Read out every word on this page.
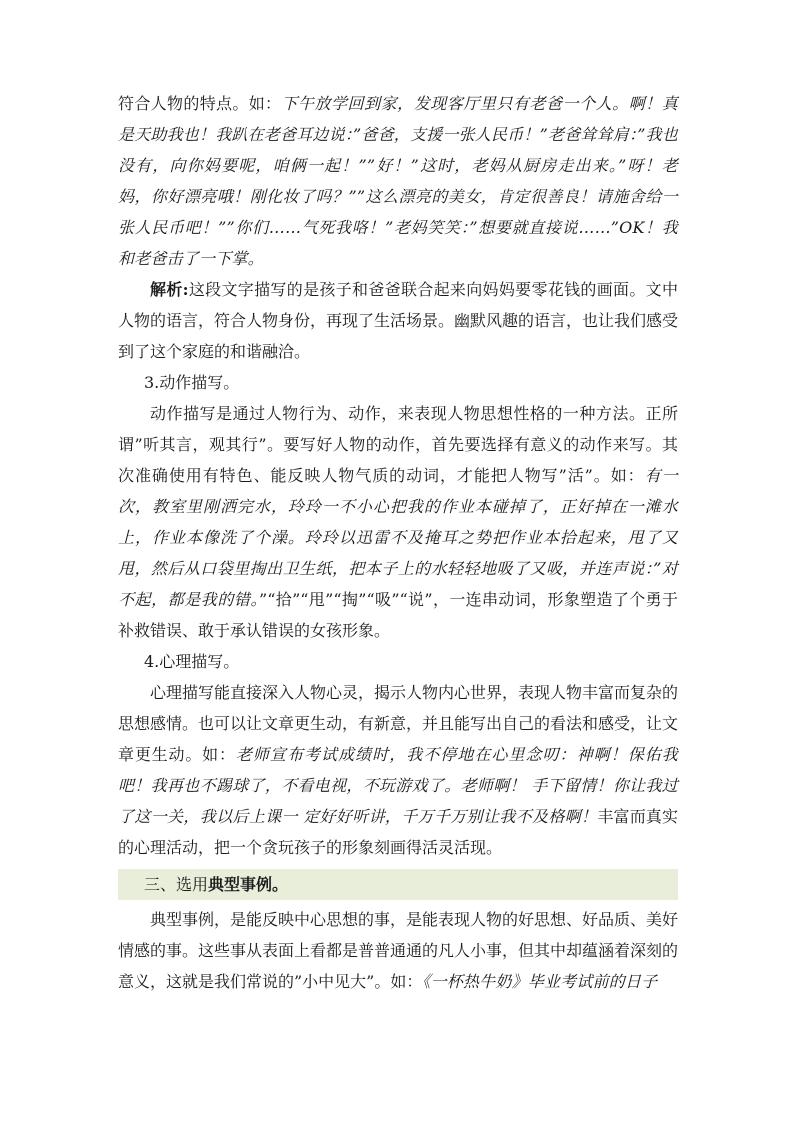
符合人物的特点。如：下午放学回到家，发现客厅里只有老爸一个人。啊！真是天助我也！我趴在老爸耳边说：”爸爸，支援一张人民币！”老爸耸耸肩：”我也没有，向你妈要呢，咱俩一起！””好！”这时，老妈从厨房走出来。”呀！老妈，你好漂亮哦！刚化妆了吗？””这么漂亮的美女，肯定很善良！请施舍给一张人民币吧！””你们……气死我咯！”老妈笑笑：”想要就直接说……”OK！我和老爸击了一下掌。

解析:这段文字描写的是孩子和爸爸联合起来向妈妈要零花钱的画面。文中人物的语言，符合人物身份，再现了生活场景。幽默风趣的语言，也让我们感受到了这个家庭的和谐融洽。

3.动作描写。

动作描写是通过人物行为、动作，来表现人物思想性格的一种方法。正所谓”听其言，观其行”。要写好人物的动作，首先要选择有意义的动作来写。其次准确使用有特色、能反映人物气质的动词，才能把人物写”活”。如：有一次，教室里刚洒完水，玲玲一不小心把我的作业本碰掉了，正好掉在一滩水上，作业本像洗了个澡。玲玲以迅雷不及掩耳之势把作业本拾起来，甩了又甩，然后从口袋里掏出卫生纸，把本子上的水轻轻地吸了又吸，并连声说：”对不起，都是我的错。”“拾”“甩”“掏”“吸”“说”，一连串动词，形象塑造了个勇于补救错误、敢于承认错误的女孩形象。

4.心理描写。

心理描写能直接深入人物心灵，揭示人物内心世界，表现人物丰富而复杂的思想感情。也可以让文章更生动，有新意，并且能写出自己的看法和感受，让文章更生动。如：老师宣布考试成绩时，我不停地在心里念叨：神啊！保佑我吧！我再也不踢球了，不看电视，不玩游戏了。老师啊！ 手下留情！你让我过了这一关，我以后上课一 定好好听讲，千万千万别让我不及格啊！丰富而真实的心理活动，把一个贪玩孩子的形象刻画得活灵活现。

三、选用典型事例。

典型事例，是能反映中心思想的事，是能表现人物的好思想、好品质、美好情感的事。这些事从表面上看都是普普通通的凡人小事，但其中却蕴涵着深刻的意义，这就是我们常说的”小中见大”。如：《一杯热牛奶》毕业考试前的日子
